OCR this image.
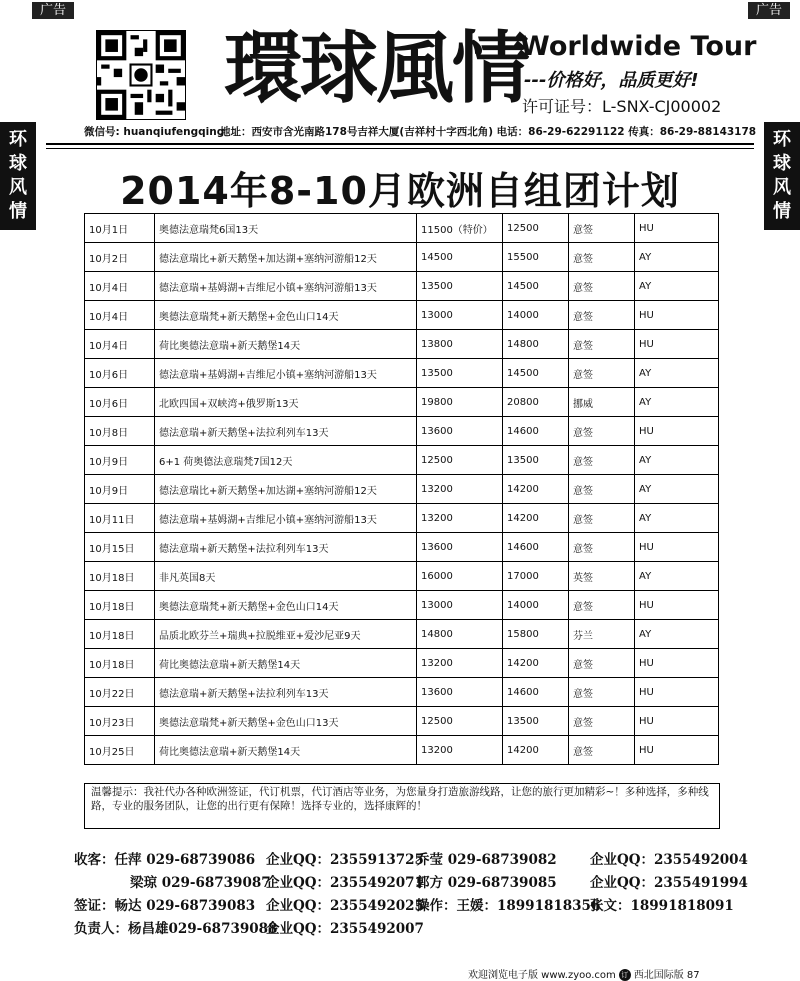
广告	广告
环
球
风
情
环
球
风
情
環球風情
Worldwide Tour
---价格好，品质更好!
许可证号：L-SNX-CJ00002
微信号: huanqiufengqing
地址：西安市含光南路178号吉祥大厦(吉祥村十字西北角) 电话：86-29-62291122 传真：86-29-88143178
2014年8-10月欧洲自组团计划
10月1日	奥德法意瑞梵6国13天	11500（特价）	12500	意签	HU
10月2日	德法意瑞比+新天鹅堡+加达湖+塞纳河游船12天	14500	15500	意签	AY
10月4日	德法意瑞+基姆湖+吉维尼小镇+塞纳河游船13天	13500	14500	意签	AY
10月4日	奥德法意瑞梵+新天鹅堡+金色山口14天	13000	14000	意签	HU
10月4日	荷比奥德法意瑞+新天鹅堡14天	13800	14800	意签	HU
10月6日	德法意瑞+基姆湖+吉维尼小镇+塞纳河游船13天	13500	14500	意签	AY
10月6日	北欧四国+双峡湾+俄罗斯13天	19800	20800	挪威	AY
10月8日	德法意瑞+新天鹅堡+法拉利列车13天	13600	14600	意签	HU
10月9日	6+1 荷奥德法意瑞梵7国12天	12500	13500	意签	AY
10月9日	德法意瑞比+新天鹅堡+加达湖+塞纳河游船12天	13200	14200	意签	AY
10月11日	德法意瑞+基姆湖+吉维尼小镇+塞纳河游船13天	13200	14200	意签	AY
10月15日	德法意瑞+新天鹅堡+法拉利列车13天	13600	14600	意签	HU
10月18日	非凡英国8天	16000	17000	英签	AY
10月18日	奥德法意瑞梵+新天鹅堡+金色山口14天	13000	14000	意签	HU
10月18日	品质北欧芬兰+瑞典+拉脱维亚+爱沙尼亚9天	14800	15800	芬兰	AY
10月18日	荷比奥德法意瑞+新天鹅堡14天	13200	14200	意签	HU
10月22日	德法意瑞+新天鹅堡+法拉利列车13天	13600	14600	意签	HU
10月23日	奥德法意瑞梵+新天鹅堡+金色山口13天	12500	13500	意签	HU
10月25日	荷比奥德法意瑞+新天鹅堡14天	13200	14200	意签	HU
温馨提示：我社代办各种欧洲签证，代订机票，代订酒店等业务，为您量身打造旅游线路，让您的旅行更加精彩~！多种选择，多种线路，专业的服务团队，让您的出行更有保障！选择专业的，选择康辉的！
收客：任萍 029-68739086 企业QQ：2355913725
乔莹 029-68739082 企业QQ：2355492004
梁琼 029-68739087
企业QQ：2355492071
郭方 029-68739085 企业QQ：2355491994
签证：畅达 029-68739083 企业QQ：2355492025
操作：王媛：18991818356
张文：18991818091
负责人：杨昌雄029-68739088
企业QQ：2355492007
欢迎浏览电子版 www.zyoo.com 订 西北国际版 87
